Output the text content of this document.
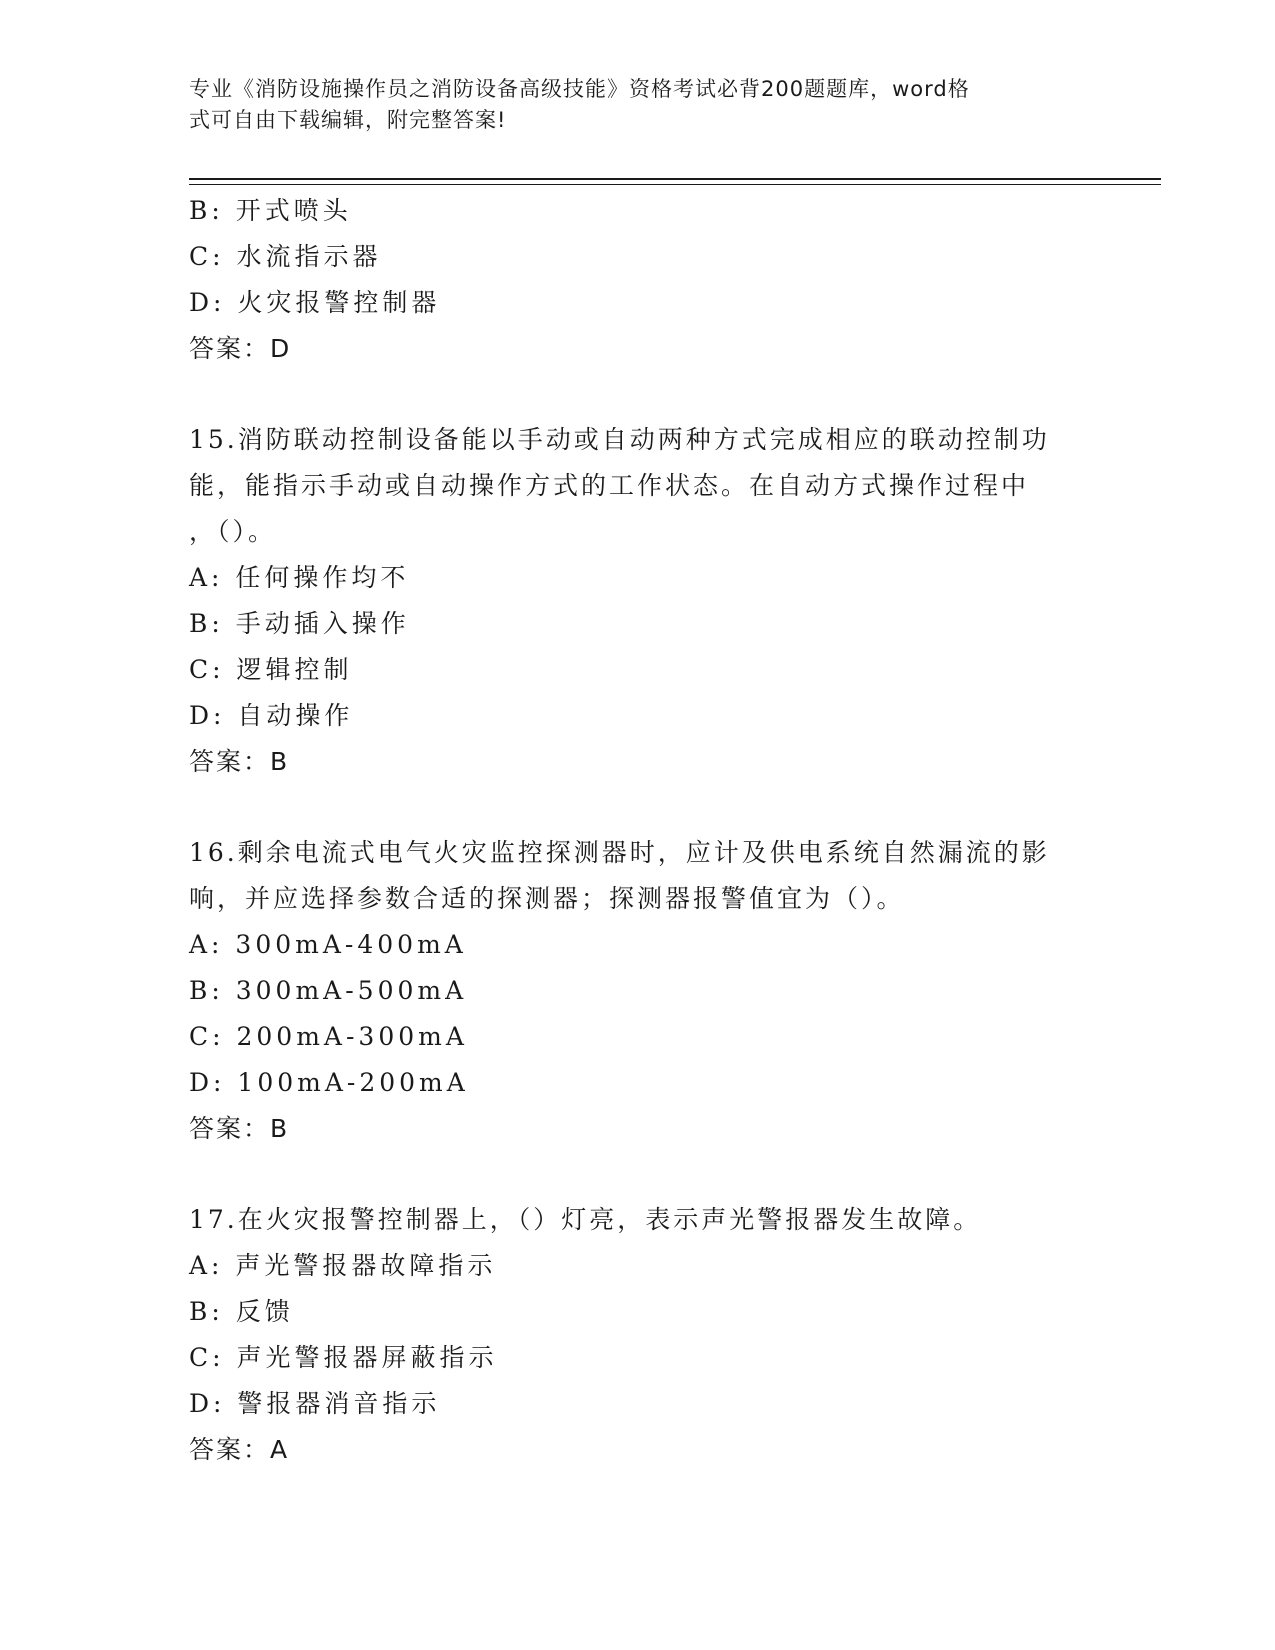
专业《消防设施操作员之消防设备高级技能》资格考试必背200题题库，word格
式可自由下载编辑，附完整答案!
B: 开式喷头
C: 水流指示器
D: 火灾报警控制器
答案：D
15.消防联动控制设备能以手动或自动两种方式完成相应的联动控制功
能，能指示手动或自动操作方式的工作状态。在自动方式操作过程中
，（）。
A: 任何操作均不
B: 手动插入操作
C: 逻辑控制
D: 自动操作
答案：B
16.剩余电流式电气火灾监控探测器时，应计及供电系统自然漏流的影
响，并应选择参数合适的探测器；探测器报警值宜为（）。
A: 300mA-400mA
B: 300mA-500mA
C: 200mA-300mA
D: 100mA-200mA
答案：B
17.在火灾报警控制器上，（）灯亮，表示声光警报器发生故障。
A: 声光警报器故障指示
B: 反馈
C: 声光警报器屏蔽指示
D: 警报器消音指示
答案：A
